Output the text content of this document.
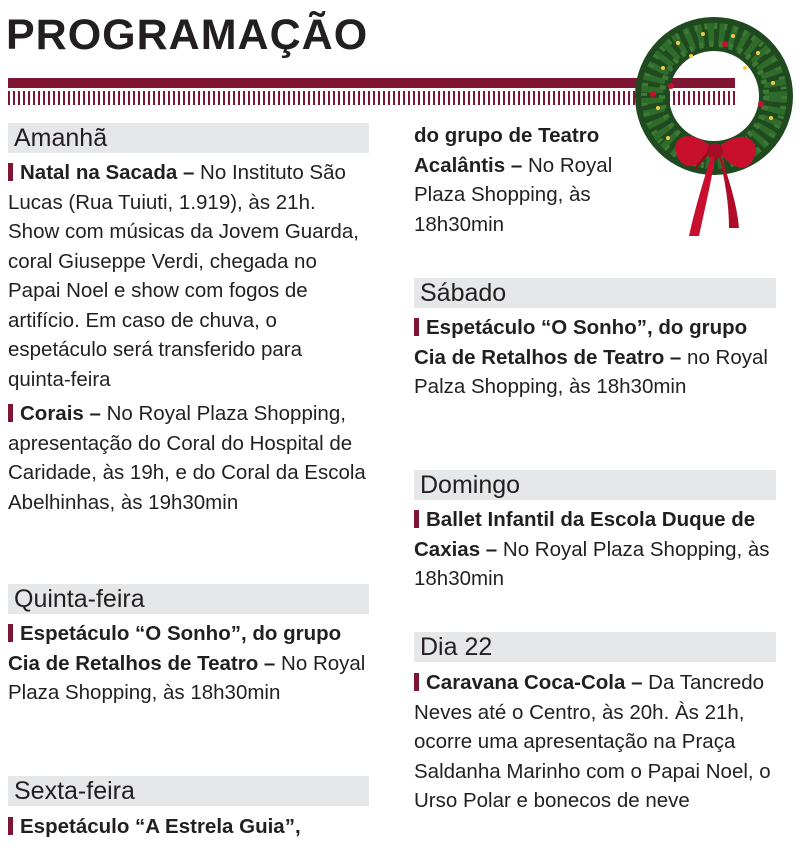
PROGRAMAÇÃO
Amanhã
Natal na Sacada – No Instituto São Lucas (Rua Tuiuti, 1.919), às 21h. Show com músicas da Jovem Guarda, coral Giuseppe Verdi, chegada no Papai Noel e show com fogos de artifício. Em caso de chuva, o espetáculo será transferido para quinta-feira
Corais – No Royal Plaza Shopping, apresentação do Coral do Hospital de Caridade, às 19h, e do Coral da Escola Abelhinhas, às 19h30min
Quinta-feira
Espetáculo “O Sonho”, do grupo Cia de Retalhos de Teatro – No Royal Plaza Shopping, às 18h30min
Sexta-feira
Espetáculo “A Estrela Guia”,
do grupo de Teatro Acalântis – No Royal Plaza Shopping, às 18h30min
Sábado
Espetáculo “O Sonho”, do grupo Cia de Retalhos de Teatro – no Royal Palza Shopping, às 18h30min
Domingo
Ballet Infantil da Escola Duque de Caxias – No Royal Plaza Shopping, às 18h30min
Dia 22
Caravana Coca-Cola – Da Tancredo Neves até o Centro, às 20h. Às 21h, ocorre uma apresentação na Praça Saldanha Marinho com o Papai Noel, o Urso Polar e bonecos de neve
